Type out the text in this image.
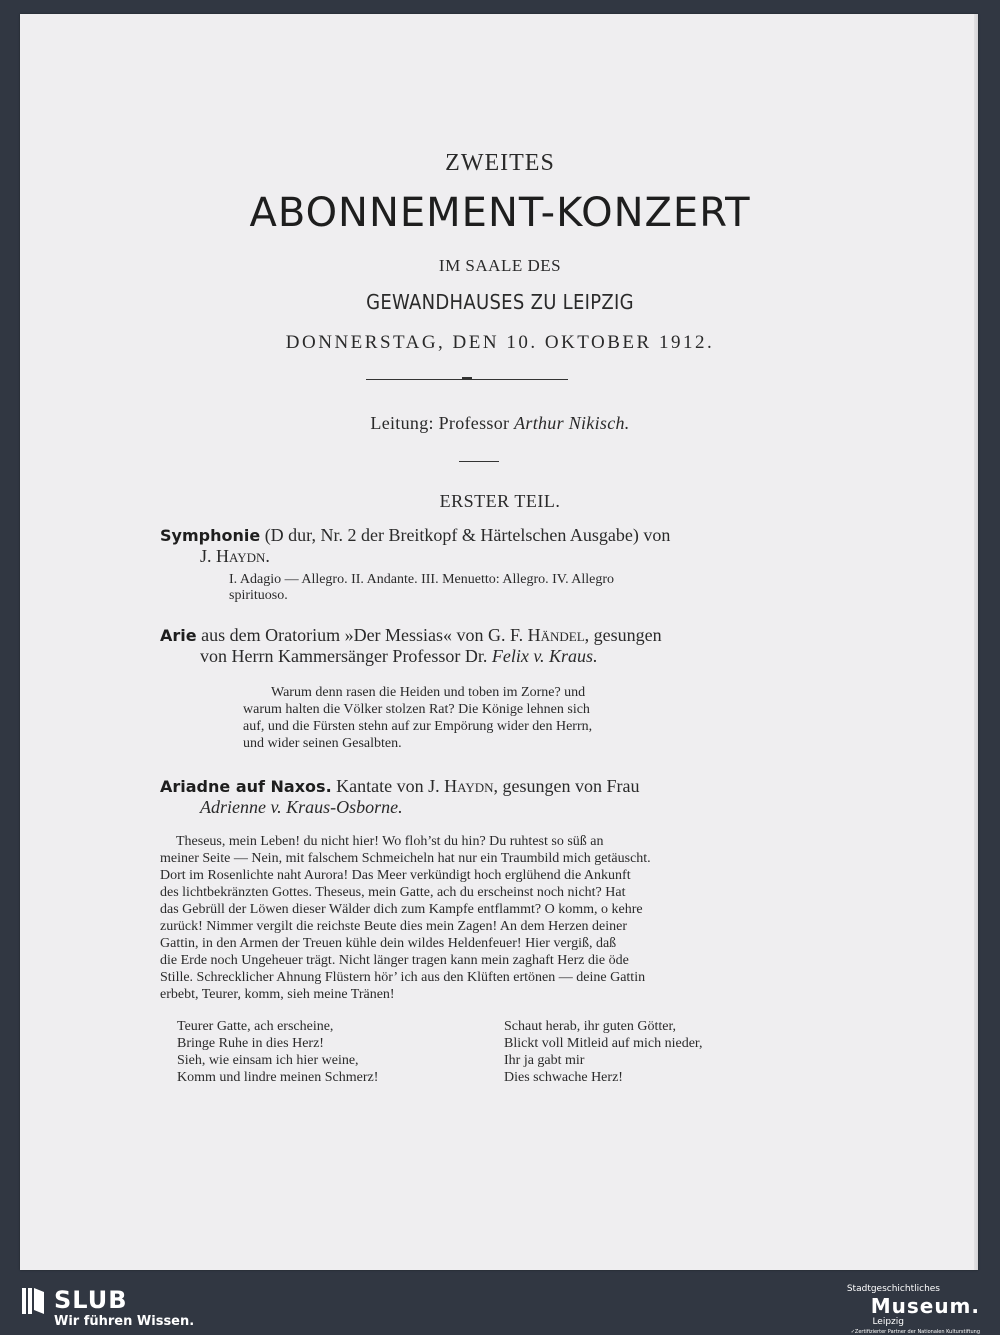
ZWEITES
ABONNEMENT-KONZERT
IM SAALE DES
GEWANDHAUSES ZU LEIPZIG
DONNERSTAG, DEN 10. OKTOBER 1912.
Leitung: Professor Arthur Nikisch.
ERSTER TEIL.
Symphonie (D dur, Nr. 2 der Breitkopf & Härtelschen Ausgabe) von
J. Haydn.
I. Adagio — Allegro. II. Andante. III. Menuetto: Allegro. IV. Allegro
spirituoso.
Arie aus dem Oratorium »Der Messias« von G. F. Händel, gesungen
von Herrn Kammersänger Professor Dr. Felix v. Kraus.
Warum denn rasen die Heiden und toben im Zorne? und
warum halten die Völker stolzen Rat? Die Könige lehnen sich
auf, und die Fürsten stehn auf zur Empörung wider den Herrn,
und wider seinen Gesalbten.
Ariadne auf Naxos. Kantate von J. Haydn, gesungen von Frau
Adrienne v. Kraus-Osborne.
Theseus, mein Leben! du nicht hier! Wo floh’st du hin? Du ruhtest so süß an
meiner Seite — Nein, mit falschem Schmeicheln hat nur ein Traumbild mich getäuscht.
Dort im Rosenlichte naht Aurora! Das Meer verkündigt hoch erglühend die Ankunft
des lichtbekränzten Gottes. Theseus, mein Gatte, ach du erscheinst noch nicht? Hat
das Gebrüll der Löwen dieser Wälder dich zum Kampfe entflammt? O komm, o kehre
zurück! Nimmer vergilt die reichste Beute dies mein Zagen! An dem Herzen deiner
Gattin, in den Armen der Treuen kühle dein wildes Heldenfeuer! Hier vergiß, daß
die Erde noch Ungeheuer trägt. Nicht länger tragen kann mein zaghaft Herz die öde
Stille. Schrecklicher Ahnung Flüstern hör’ ich aus den Klüften ertönen — deine Gattin
erbebt, Teurer, komm, sieh meine Tränen!
Teurer Gatte, ach erscheine,
Bringe Ruhe in dies Herz!
Sieh, wie einsam ich hier weine,
Komm und lindre meinen Schmerz!
Schaut herab, ihr guten Götter,
Blickt voll Mitleid auf mich nieder,
Ihr ja gabt mir
Dies schwache Herz!
SLUB
Wir führen Wissen.
Stadtgeschichtliches
Museum.
Leipzig
✓Zertifizierter Partner der Nationalen Kulturstiftung
